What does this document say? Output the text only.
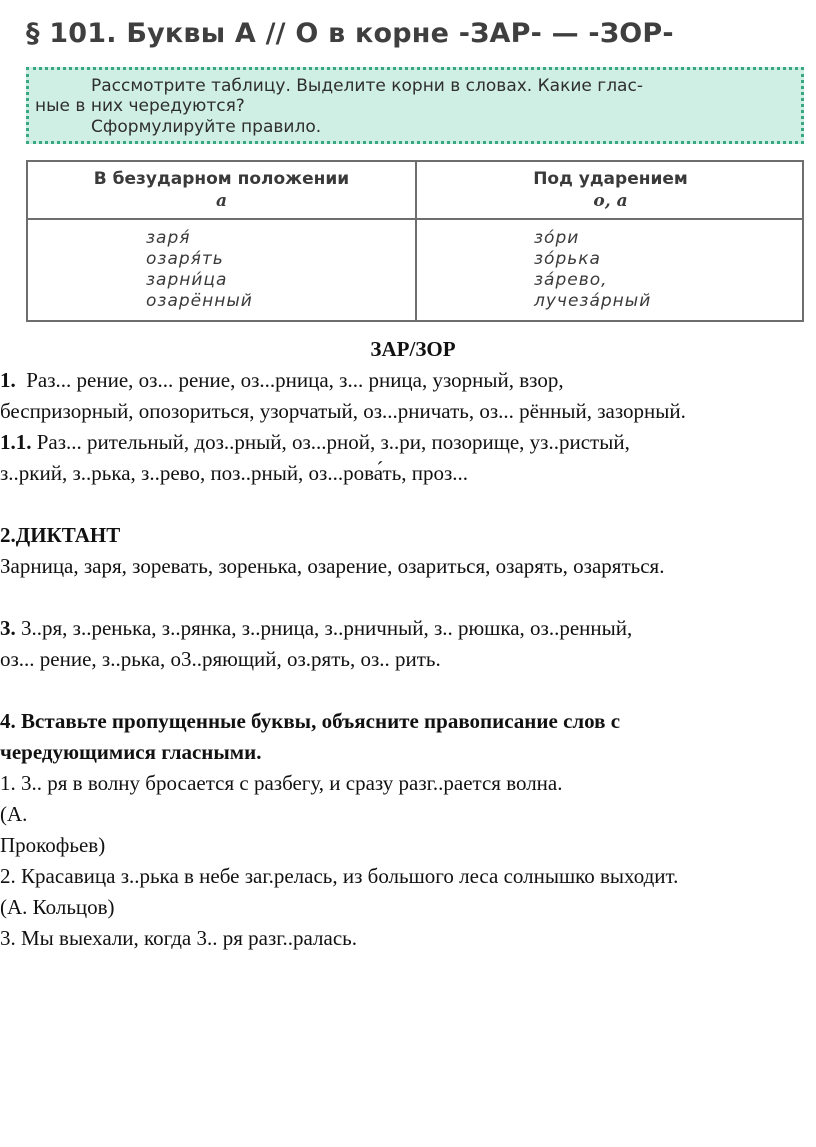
§ 101. Буквы А // О в корне -ЗАР- — -ЗОР-
Рассмотрите таблицу. Выделите корни в словах. Какие глас-
ные в них чередуются?
Сформулируйте правило.
В безударном положении
а
Под ударением
о, а
заря́
озаря́ть
зарни́ца
озарённый
зо́ри
зо́рька
за́рево,
лучеза́рный

ЗАР/ЗОР

1. Раз... рение, оз... рение, оз...рница, з... рница, узорный, взор,

беспризорный, опозориться, узорчатый, оз...рничать, оз... рённый, зазорный.

1.1. Раз... рительный, доз..рный, оз...рной, з..ри, позорище, уз..ристый,

з..ркий, з..рька, з..рево, поз..рный, оз...рова́ть, проз...

2.ДИКТАНТ

Зарница, заря, зоревать, зоренька, озарение, озариться, озарять, озаряться.

3. 3..ря, з..ренька, з..рянка, з..рница, з..рничный, з.. рюшка, оз..ренный,

оз... рение, з..рька, о3..ряющий, оз.рять, оз.. рить.

4. Вставьте пропущенные буквы, объясните правописание слов с

чередующимися гласными.

1. 3.. ря в волну бросается с разбегу, и сразу разг..рается волна.

(А.

Прокофьев)

2. Красавица з..рька в небе заг.релась, из большого леса солнышко выходит.

(А. Кольцов)

3. Мы выехали, когда 3.. ря разг..ралась.
